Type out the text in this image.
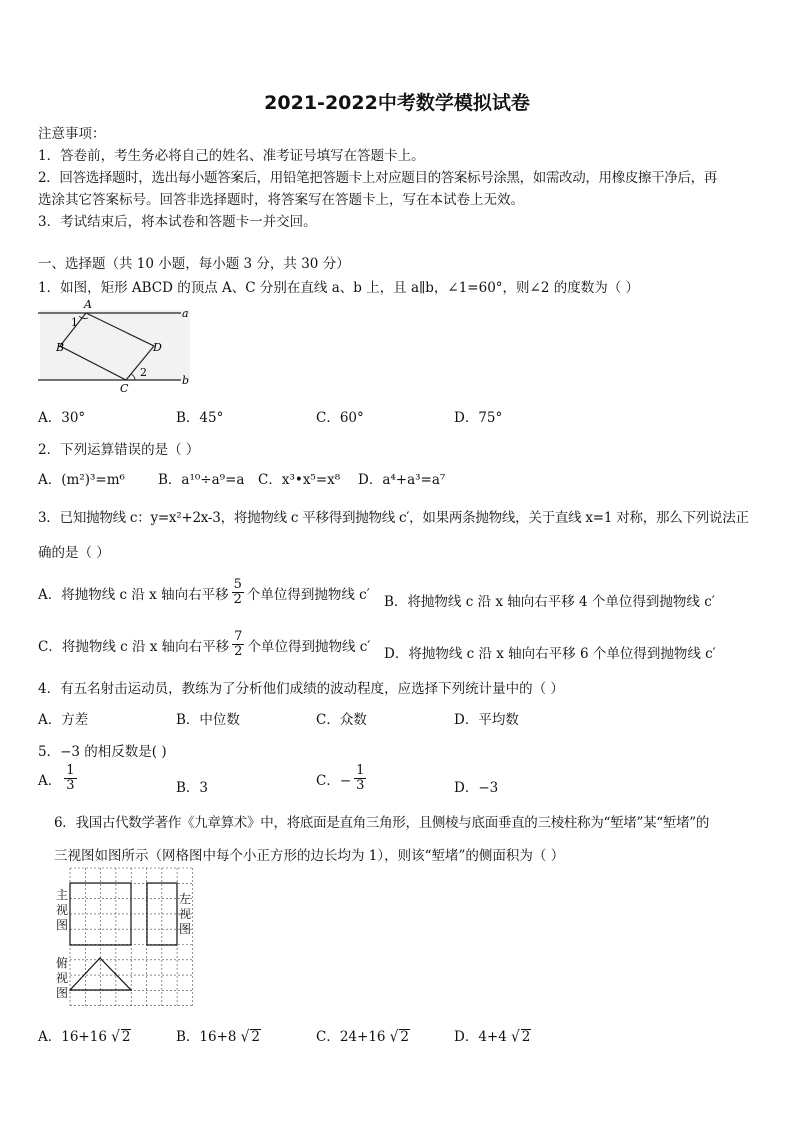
2021-2022中考数学模拟试卷
注意事项：
1．答卷前，考生务必将自己的姓名、准考证号填写在答题卡上。
2．回答选择题时，选出每小题答案后，用铅笔把答题卡上对应题目的答案标号涂黑，如需改动，用橡皮擦干净后，再
选涂其它答案标号。回答非选择题时，将答案写在答题卡上，写在本试卷上无效。
3．考试结束后，将本试卷和答题卡一并交回。
一、选择题（共 10 小题，每小题 3 分，共 30 分）
1．如图，矩形 ABCD 的顶点 A、C 分别在直线 a、b 上，且 a∥b，∠1=60°，则∠2 的度数为（ ）
A
1
B	D
C
2
a
b
A．30°	B．45°	C．60°	D．75°
2．下列运算错误的是（ ）
A．(m²)³=m⁶ B．a¹⁰÷a⁹=a C．x³•x⁵=x⁸ D．a⁴+a³=a⁷
3．已知抛物线 c：y=x²+2x-3，将抛物线 c 平移得到抛物线 c′，如果两条抛物线，关于直线 x=1 对称，那么下列说法正
确的是（ ）
A．将抛物线 c 沿 x 轴向右平移 $\frac{5}{2}$ 个单位得到抛物线 c′ B．将抛物线 c 沿 x 轴向右平移 4 个单位得到抛物线 c′
C．将抛物线 c 沿 x 轴向右平移 $\frac{7}{2}$ 个单位得到抛物线 c′ D．将抛物线 c 沿 x 轴向右平移 6 个单位得到抛物线 c′
4．有五名射击运动员，教练为了分析他们成绩的波动程度，应选择下列统计量中的（ ）
A．方差	B．中位数	C．众数	D．平均数
5．−3 的相反数是( )
A． $\frac{1}{3}$	B．3	C．− $\frac{1}{3}$	D．−3
6．我国古代数学著作《九章算术》中，将底面是直角三角形，且侧棱与底面垂直的三棱柱称为“堑堵”某“堑堵”的
三视图如图所示（网格图中每个小正方形的边长均为 1），则该“堑堵”的侧面积为（ ）
主
视
图
左
视
图
俯
视
图
A．16+16 √ 2	B．16+8 √ 2	C．24+16 √ 2	D．4+4 √ 2
